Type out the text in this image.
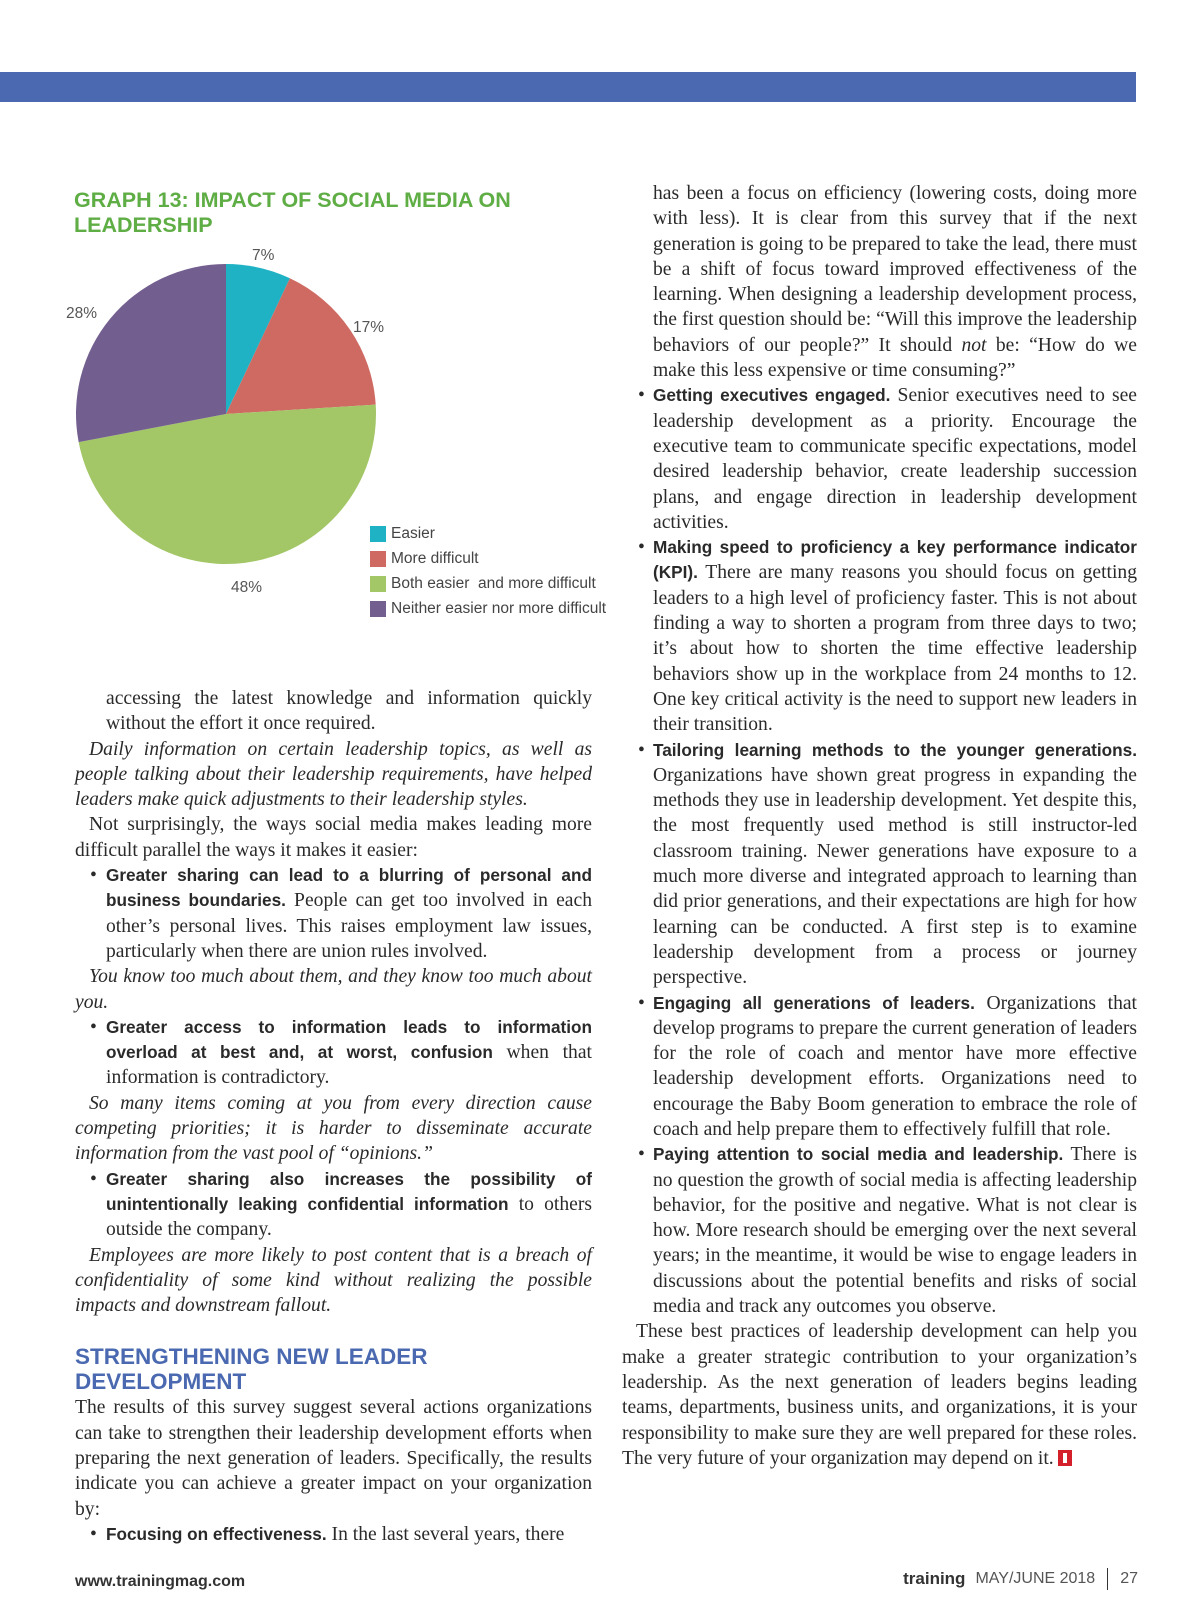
GRAPH 13: IMPACT OF SOCIAL MEDIA ON LEADERSHIP
7%
17%
48%
28%
Easier
More difficult
Both easier  and more difficult
Neither easier nor more difficult

accessing the latest knowledge and information quickly without the effort it once required.

Daily information on certain leadership topics, as well as people talking about their leadership requirements, have helped leaders make quick adjustments to their leadership styles.

Not surprisingly, the ways social media makes leading more difficult parallel the ways it makes it easier:

• Greater sharing can lead to a blurring of personal and business boundaries. People can get too involved in each other’s personal lives. This raises employment law issues, particularly when there are union rules involved.

You know too much about them, and they know too much about you.

• Greater access to information leads to information overload at best and, at worst, confusion when that information is contradictory.

So many items coming at you from every direction cause competing priorities; it is harder to disseminate accurate information from the vast pool of “opinions.”

• Greater sharing also increases the possibility of unintentionally leaking confidential information to others outside the company.

Employees are more likely to post content that is a breach of confidentiality of some kind without realizing the possible impacts and downstream fallout.

STRENGTHENING NEW LEADER DEVELOPMENT

The results of this survey suggest several actions organizations can take to strengthen their leadership development efforts when preparing the next generation of leaders. Specifically, the results indicate you can achieve a greater impact on your organization by:

• Focusing on effectiveness. In the last several years, there

has been a focus on efficiency (lowering costs, doing more with less). It is clear from this survey that if the next generation is going to be prepared to take the lead, there must be a shift of focus toward improved effectiveness of the learning. When designing a leadership development process, the first question should be: “Will this improve the leadership behaviors of our people?” It should not be: “How do we make this less expensive or time consuming?”

• Getting executives engaged. Senior executives need to see leadership development as a priority. Encourage the executive team to communicate specific expectations, model desired leadership behavior, create leadership succession plans, and engage direction in leadership development activities.

• Making speed to proficiency a key performance indicator (KPI). There are many reasons you should focus on getting leaders to a high level of proficiency faster. This is not about finding a way to shorten a program from three days to two; it’s about how to shorten the time effective leadership behaviors show up in the workplace from 24 months to 12. One key critical activity is the need to support new leaders in their transition.

• Tailoring learning methods to the younger generations. Organizations have shown great progress in expanding the methods they use in leadership development. Yet despite this, the most frequently used method is still instructor-led classroom training. Newer generations have exposure to a much more diverse and integrated approach to learning than did prior generations, and their expectations are high for how learning can be conducted. A first step is to examine leadership development from a process or journey perspective.

• Engaging all generations of leaders. Organizations that develop programs to prepare the current generation of leaders for the role of coach and mentor have more effective leadership development efforts. Organizations need to encourage the Baby Boom generation to embrace the role of coach and help prepare them to effectively fulfill that role.

• Paying attention to social media and leadership. There is no question the growth of social media is affecting leadership behavior, for the positive and negative. What is not clear is how. More research should be emerging over the next several years; in the meantime, it would be wise to engage leaders in discussions about the potential benefits and risks of social media and track any outcomes you observe.

These best practices of leadership development can help you make a greater strategic contribution to your organization’s leadership. As the next generation of leaders begins leading teams, departments, business units, and organizations, it is your responsibility to make sure they are well prepared for these roles. The very future of your organization may depend on it.

www.trainingmag.com	training MAY/JUNE 2018 27
